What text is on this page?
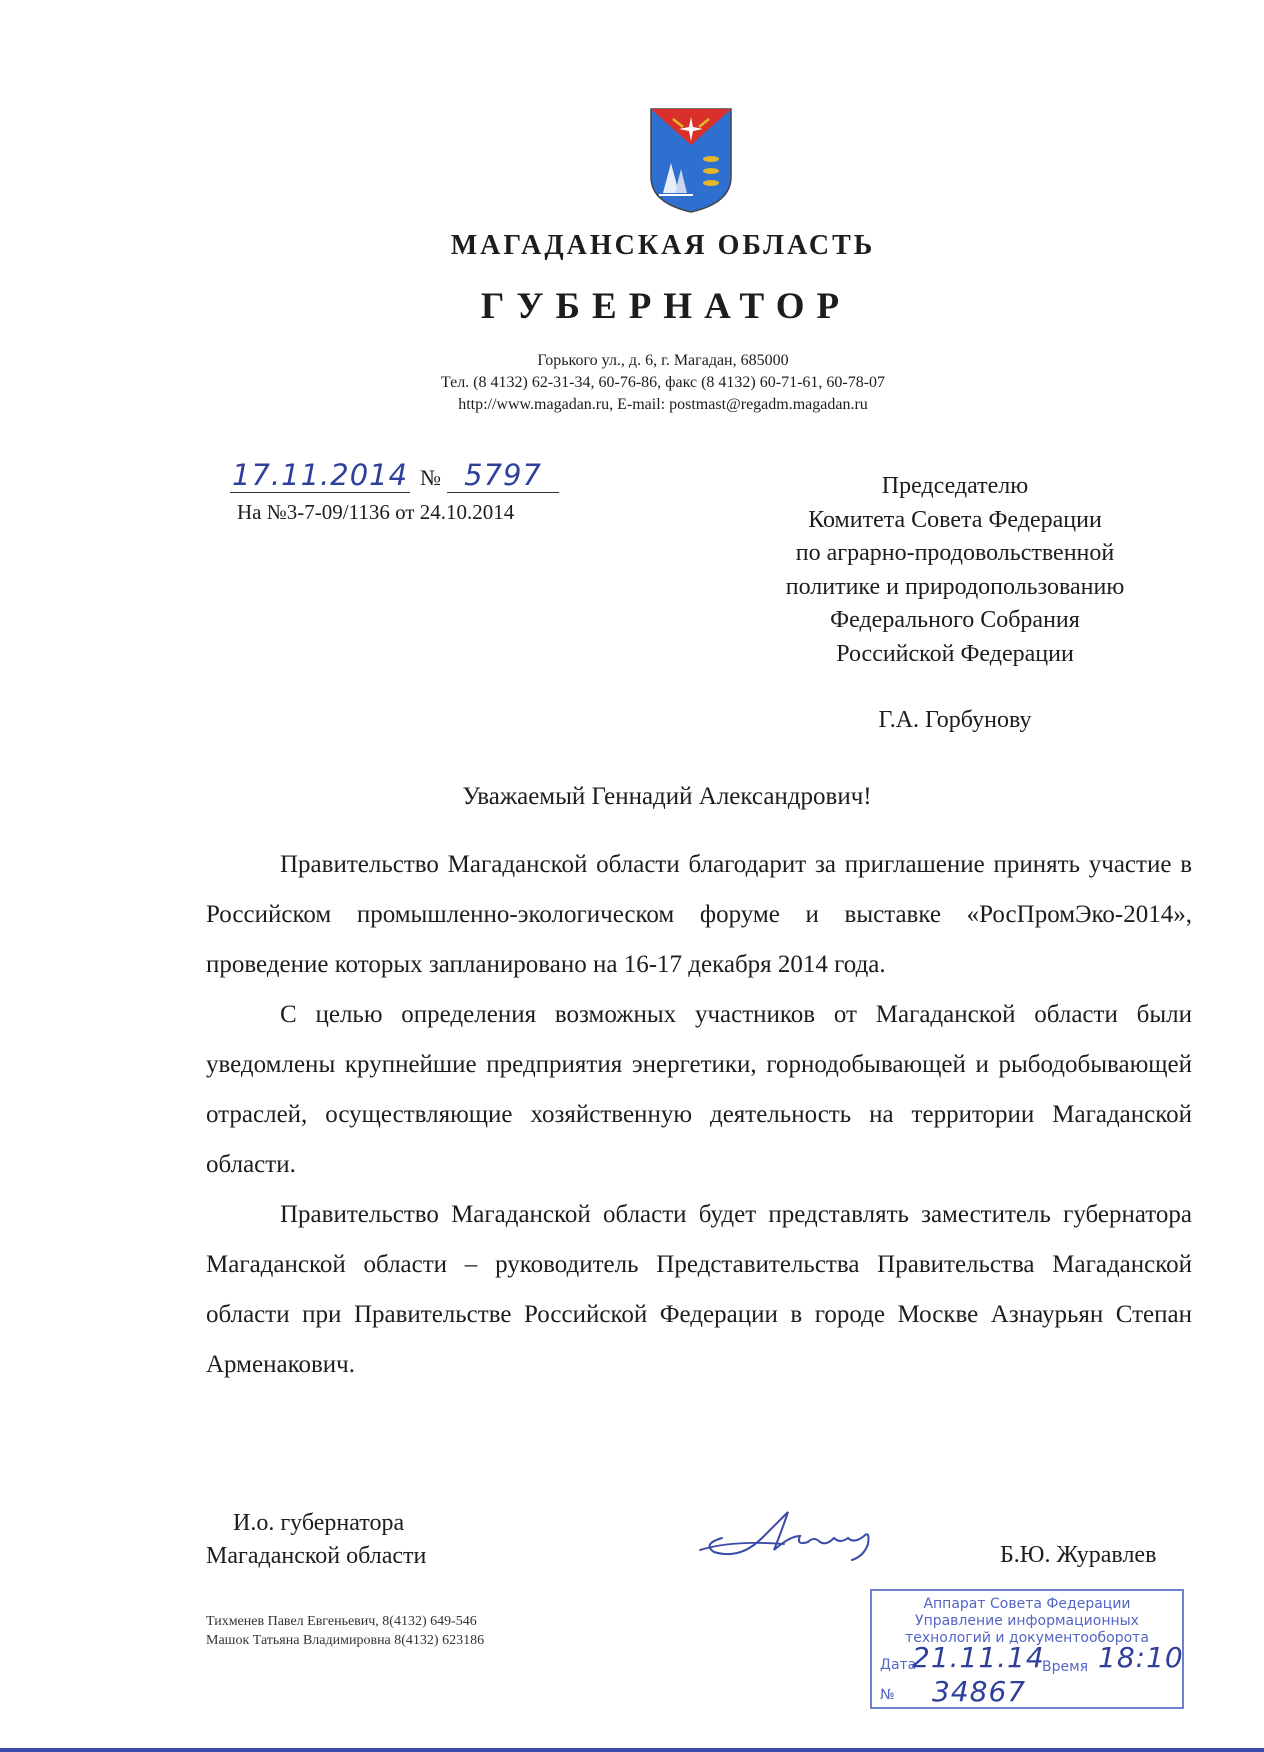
МАГАДАНСКАЯ ОБЛАСТЬ
ГУБЕРНАТОР
Горького ул., д. 6, г. Магадан, 685000
Тел. (8 4132) 62-31-34, 60-76-86, факс (8 4132) 60-71-61, 60-78-07
http://www.magadan.ru, E-mail: postmast@regadm.magadan.ru
17.11.2014 № 5797
На №3-7-09/1136 от 24.10.2014
Председателю
Комитета Совета Федерации
по аграрно-продовольственной
политике и природопользованию
Федерального Собрания
Российской Федерации
Г.А. Горбунову
Уважаемый Геннадий Александрович!

Правительство Магаданской области благодарит за приглашение принять участие в Российском промышленно-экологическом форуме и выставке «РосПромЭко-2014», проведение которых запланировано на 16-17 декабря 2014 года.

С целью определения возможных участников от Магаданской области были уведомлены крупнейшие предприятия энергетики, горнодобывающей и рыбодобывающей отраслей, осуществляющие хозяйственную деятельность на территории Магаданской области.

Правительство Магаданской области будет представлять заместитель губернатора Магаданской области – руководитель Представительства Правительства Магаданской области при Правительстве Российской Федерации в городе Москве Азнаурьян Степан Арменакович.

И.о. губернатора
Магаданской области	Б.Ю. Журавлев
Тихменев Павел Евгеньевич, 8(4132) 649-546
Машок Татьяна Владимировна 8(4132) 623186
Аппарат Совета Федерации
Управление информационных
технологий и документооборота
Дата	Время
№
21.11.14 18:10
34867
